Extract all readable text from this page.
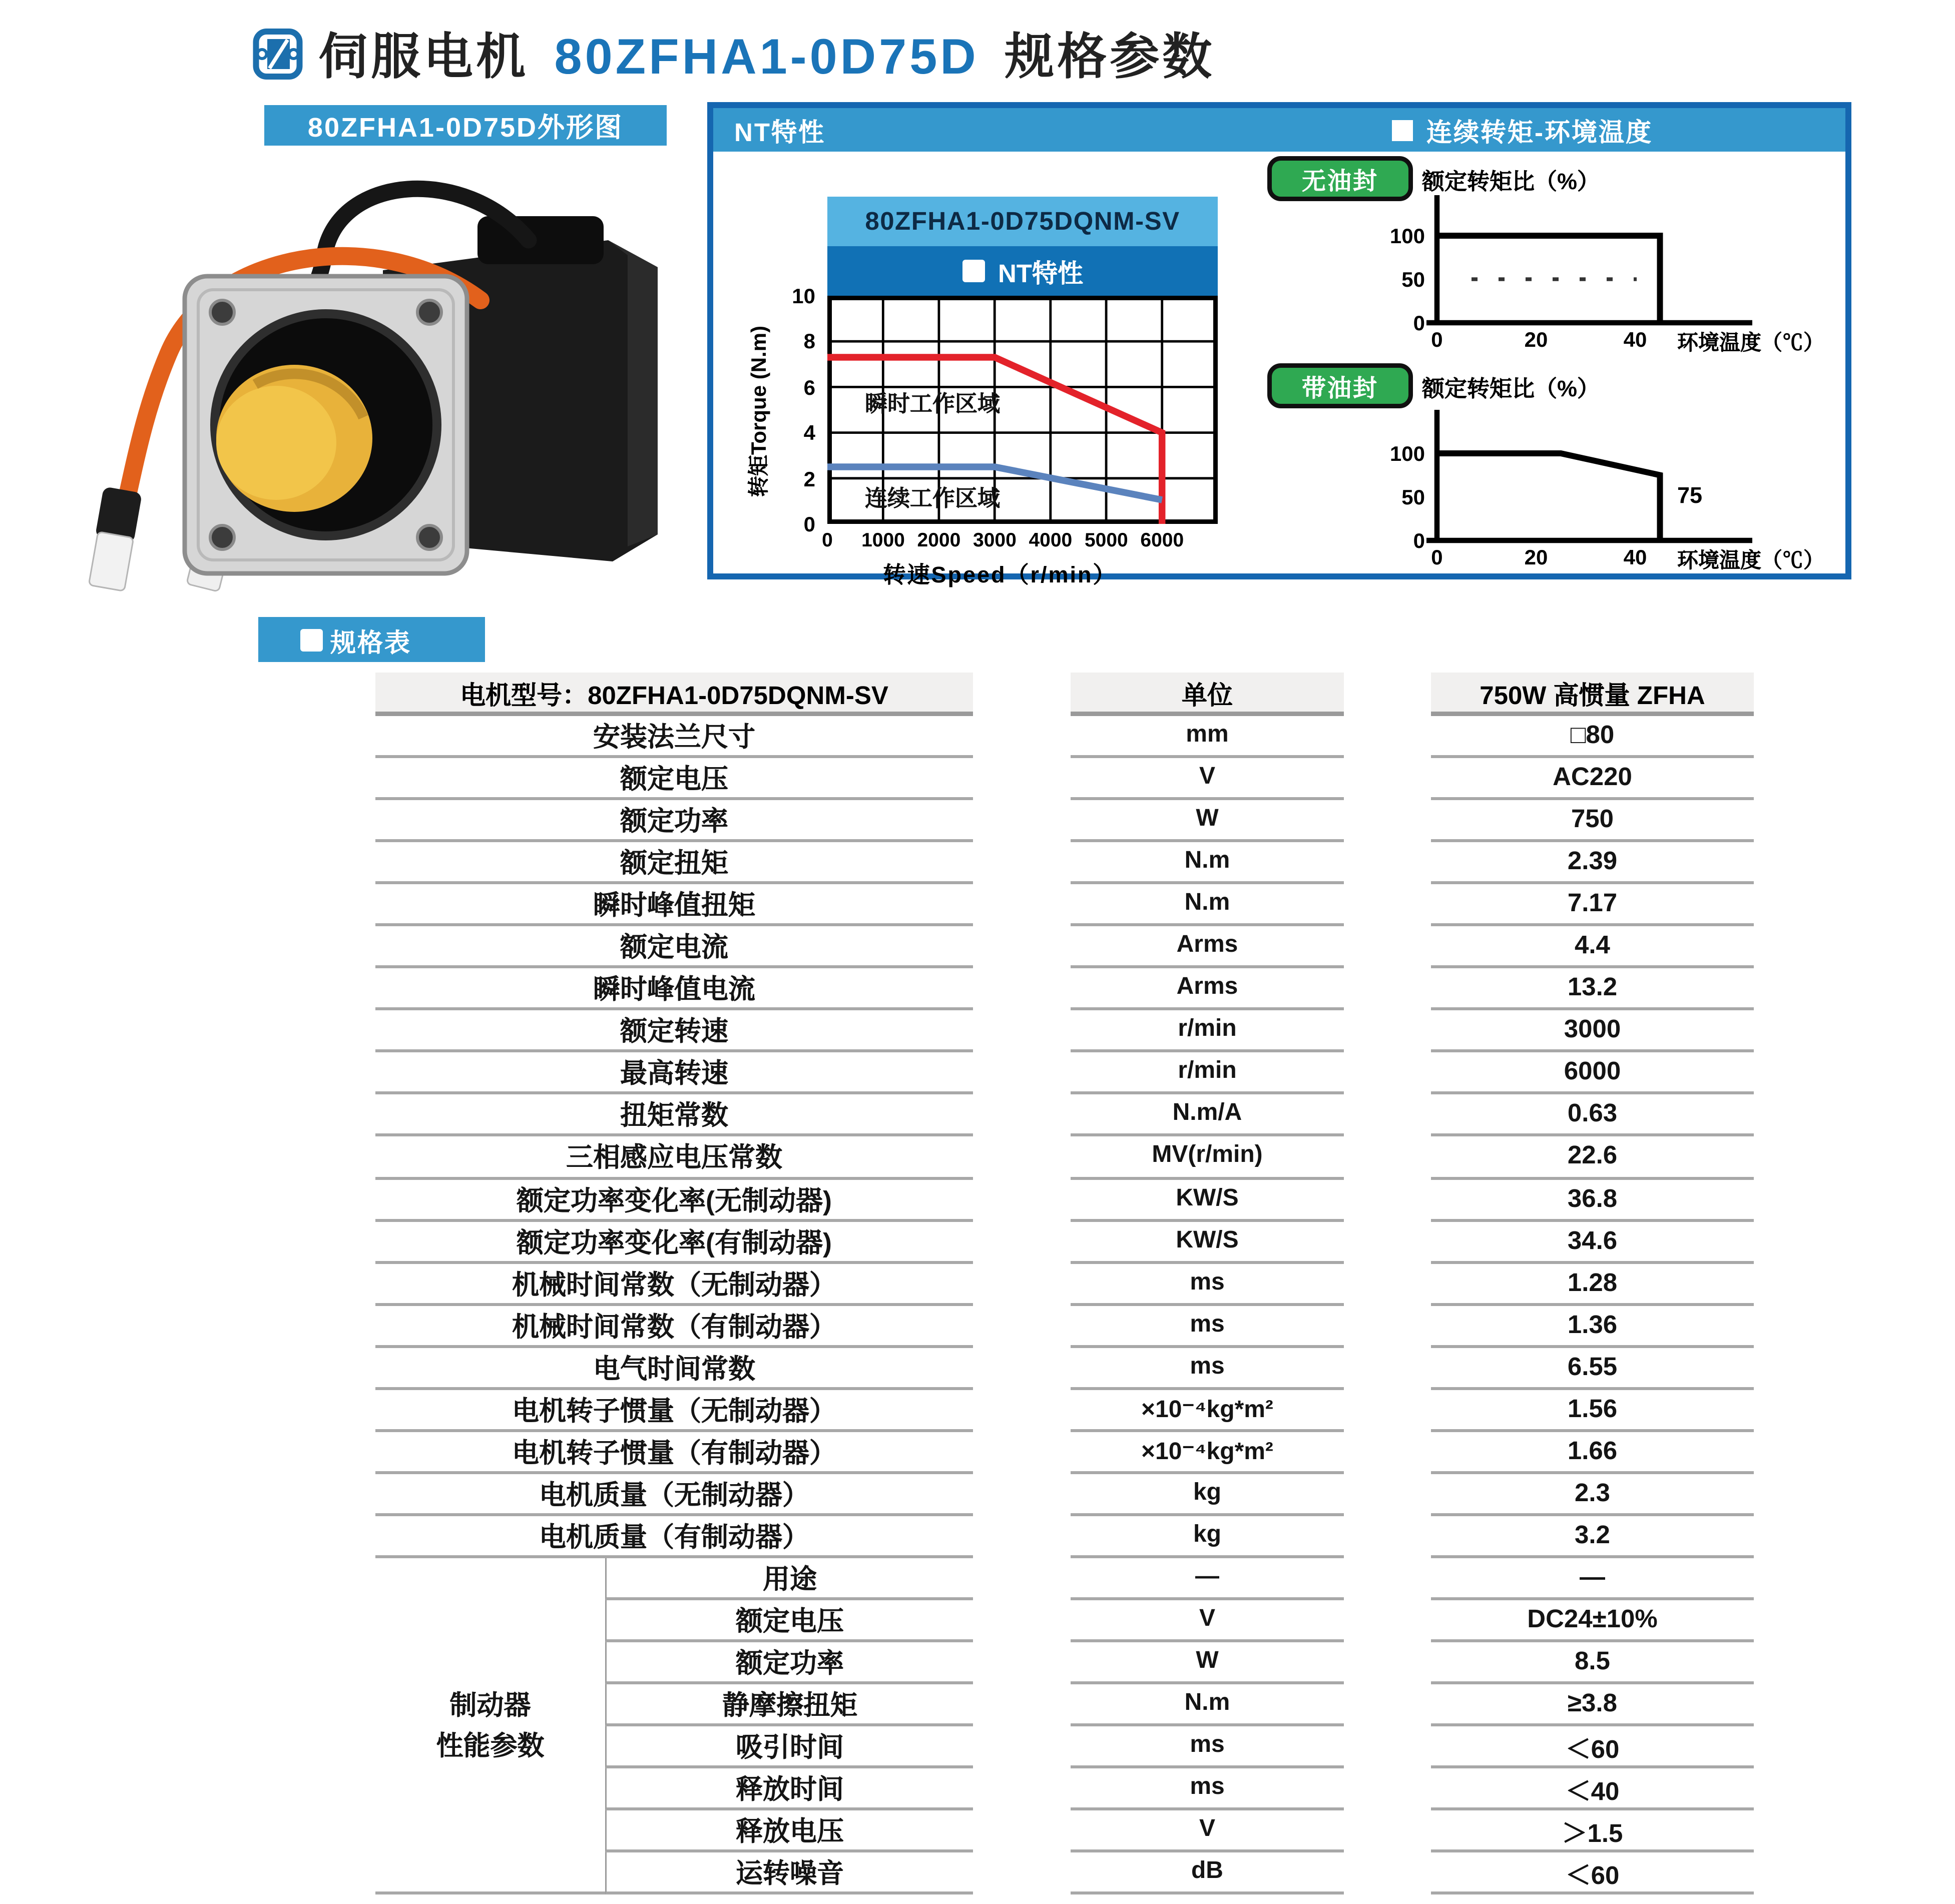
伺服电机 80ZFHA1-0D75D 规格参数
80ZFHA1-0D75D外形图	NT特性	连续转矩-环境温度
80ZFHA1-0D75DQNM-SV
NT特性
10
8
6
4
2
0
转矩Torque (N.m)
0	1000	2000	3000	4000	5000	6000
转速Speed（r/min）
瞬时工作区域
连续工作区域
无油封	额定转矩比（%）
100
50
0
0	20	40	环境温度（℃）
带油封	额定转矩比（%）
100
50
0
0	20	40	环境温度（℃）
75
规格表
电机型号：80ZFHA1-0D75DQNM-SV	单位	750W 高惯量 ZFHA
安装法兰尺寸	mm	□80
额定电压	V	AC220
额定功率	W	750
额定扭矩	N.m	2.39
瞬时峰值扭矩	N.m	7.17
额定电流	Arms	4.4
瞬时峰值电流	Arms	13.2
额定转速	r/min	3000
最高转速	r/min	6000
扭矩常数	N.m/A	0.63
三相感应电压常数	MV(r/min)	22.6
额定功率变化率(无制动器)	KW/S	36.8
额定功率变化率(有制动器)	KW/S	34.6
机械时间常数（无制动器）	ms	1.28
机械时间常数（有制动器）	ms	1.36
电气时间常数	ms	6.55
电机转子惯量（无制动器）	×10⁻⁴kg*m²	1.56
电机转子惯量（有制动器）	×10⁻⁴kg*m²	1.66
电机质量（无制动器）	kg	2.3
电机质量（有制动器）	kg	3.2
用途	—	—
额定电压	V	DC24±10%
额定功率	W	8.5
静摩擦扭矩	N.m	≥3.8
吸引时间	ms	＜60
释放时间	ms	＜40
释放电压	V	＞1.5
运转噪音	dB	＜60
制动器
性能参数
